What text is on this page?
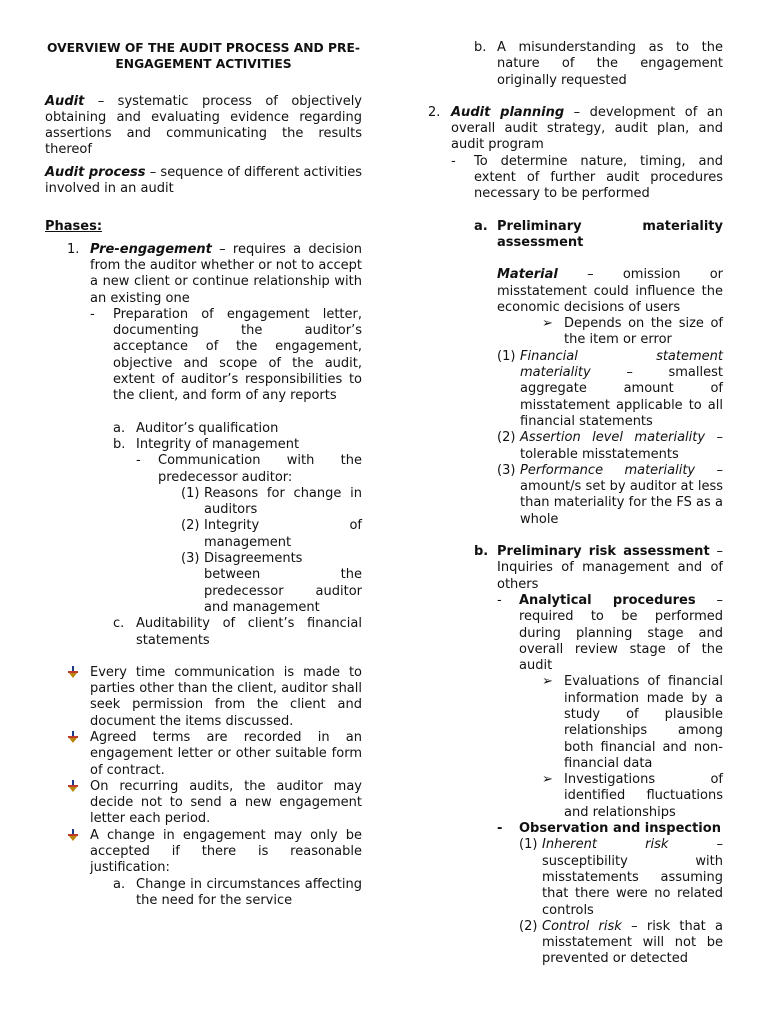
OVERVIEW OF THE AUDIT PROCESS AND PRE-ENGAGEMENT ACTIVITIES

Audit – systematic process of objectively obtaining and evaluating evidence regarding assertions and communicating the results thereof

Audit process – sequence of different activities involved in an audit

Phases:

1. Pre-engagement – requires a decision from the auditor whether or not to accept a new client or continue relationship with an existing one
-	Preparation of engagement letter, documenting the auditor’s acceptance of the engagement, objective and scope of the audit, extent of auditor’s responsibilities to the client, and form of any reports
a. Auditor’s qualification
b. Integrity of management
-	Communication with the predecessor auditor:
(1) Reasons for change in auditors
(2) Integrity of management
(3) Disagreements between the predecessor auditor and management
c. Auditability of client’s financial statements
Every time communication is made to parties other than the client, auditor shall seek permission from the client and document the items discussed.
Agreed terms are recorded in an engagement letter or other suitable form of contract.
On recurring audits, the auditor may decide not to send a new engagement letter each period.
A change in engagement may only be accepted if there is reasonable justification:
a. Change in circumstances affecting the need for the service
b. A misunderstanding as to the nature of the engagement originally requested
2. Audit planning – development of an overall audit strategy, audit plan, and audit program
-	To determine nature, timing, and extent of further audit procedures necessary to be performed
a. Preliminary materiality assessment

Material – omission or misstatement could influence the economic decisions of users

➢ Depends on the size of the item or error
(1) Financial statement materiality – smallest aggregate amount of misstatement applicable to all financial statements
(2) Assertion level materiality – tolerable misstatements
(3) Performance materiality – amount/s set by auditor at less than materiality for the FS as a whole
b. Preliminary risk assessment – Inquiries of management and of others
-	Analytical procedures – required to be performed during planning stage and overall review stage of the audit
➢ Evaluations of financial information made by a study of plausible relationships among both financial and non-financial data
➢ Investigations of identified fluctuations and relationships
-	Observation and inspection
(1) Inherent risk – susceptibility with misstatements assuming that there were no related controls
(2) Control risk – risk that a misstatement will not be prevented or detected
